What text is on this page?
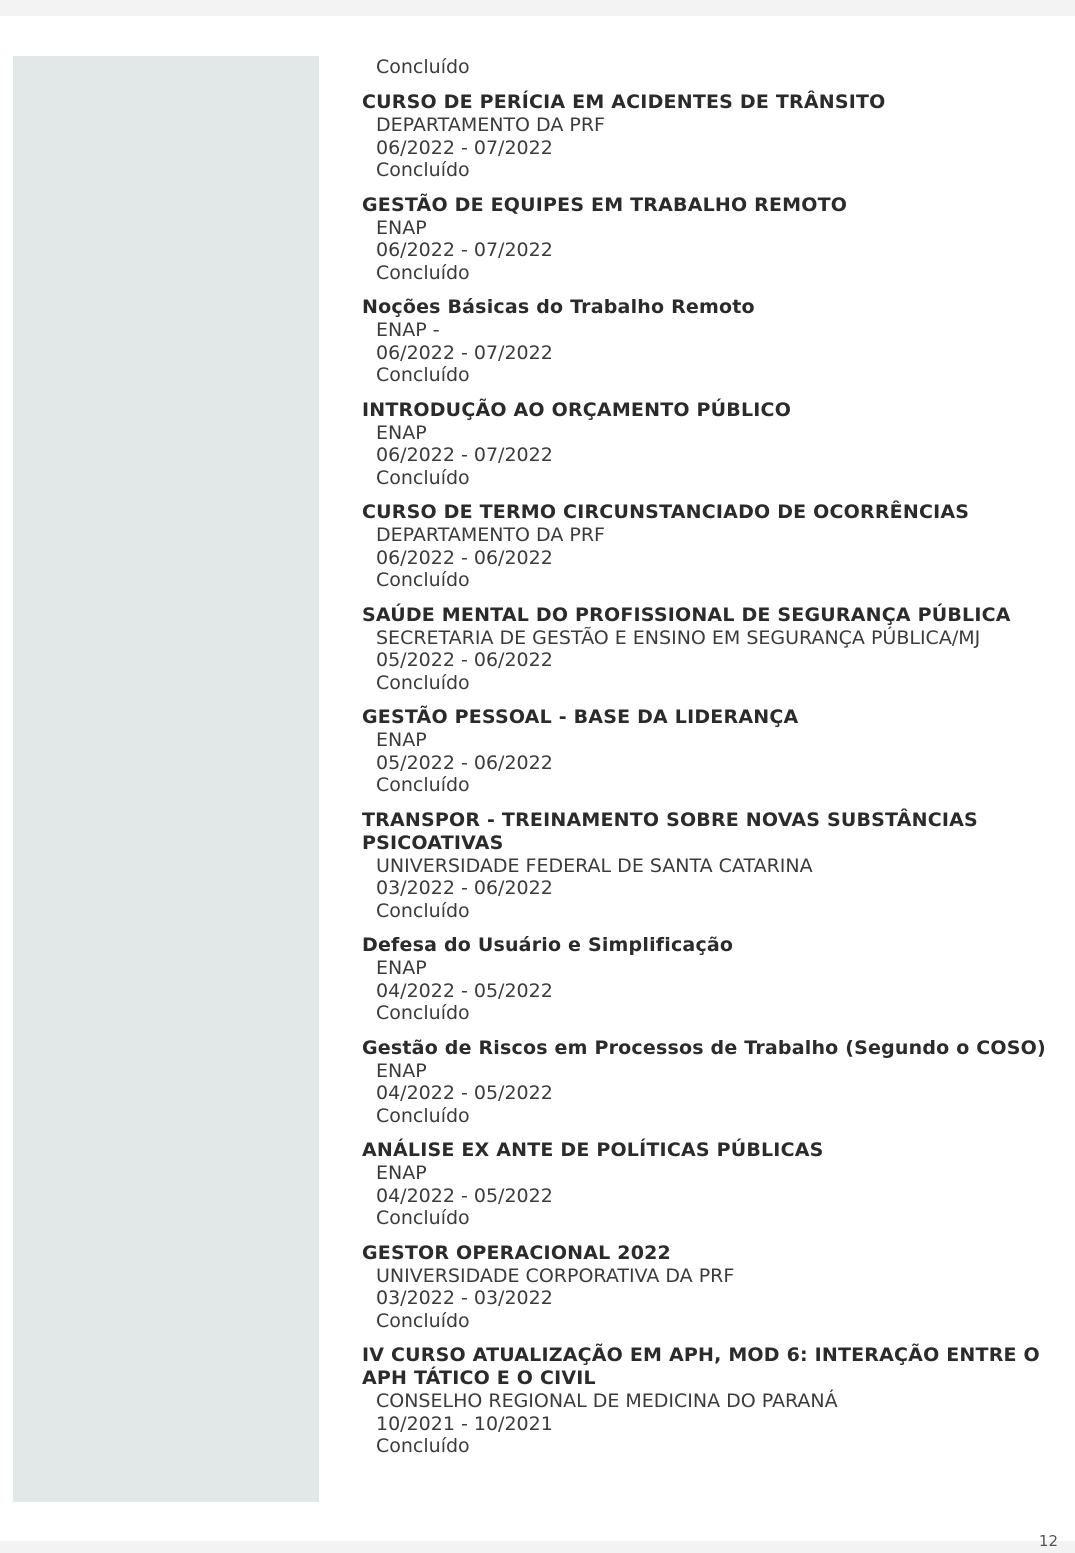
Concluído
CURSO DE PERÍCIA EM ACIDENTES DE TRÂNSITO
DEPARTAMENTO DA PRF
06/2022 - 07/2022
Concluído
GESTÃO DE EQUIPES EM TRABALHO REMOTO
ENAP
06/2022 - 07/2022
Concluído
Noções Básicas do Trabalho Remoto
ENAP -
06/2022 - 07/2022
Concluído
INTRODUÇÃO AO ORÇAMENTO PÚBLICO
ENAP
06/2022 - 07/2022
Concluído
CURSO DE TERMO CIRCUNSTANCIADO DE OCORRÊNCIAS
DEPARTAMENTO DA PRF
06/2022 - 06/2022
Concluído
SAÚDE MENTAL DO PROFISSIONAL DE SEGURANÇA PÚBLICA
SECRETARIA DE GESTÃO E ENSINO EM SEGURANÇA PÚBLICA/MJ
05/2022 - 06/2022
Concluído
GESTÃO PESSOAL - BASE DA LIDERANÇA
ENAP
05/2022 - 06/2022
Concluído
TRANSPOR - TREINAMENTO SOBRE NOVAS SUBSTÂNCIAS PSICOATIVAS
UNIVERSIDADE FEDERAL DE SANTA CATARINA
03/2022 - 06/2022
Concluído
Defesa do Usuário e Simplificação
ENAP
04/2022 - 05/2022
Concluído
Gestão de Riscos em Processos de Trabalho (Segundo o COSO)
ENAP
04/2022 - 05/2022
Concluído
ANÁLISE EX ANTE DE POLÍTICAS PÚBLICAS
ENAP
04/2022 - 05/2022
Concluído
GESTOR OPERACIONAL 2022
UNIVERSIDADE CORPORATIVA DA PRF
03/2022 - 03/2022
Concluído
IV CURSO ATUALIZAÇÃO EM APH, MOD 6: INTERAÇÃO ENTRE O APH TÁTICO E O CIVIL
CONSELHO REGIONAL DE MEDICINA DO PARANÁ
10/2021 - 10/2021
Concluído
12
